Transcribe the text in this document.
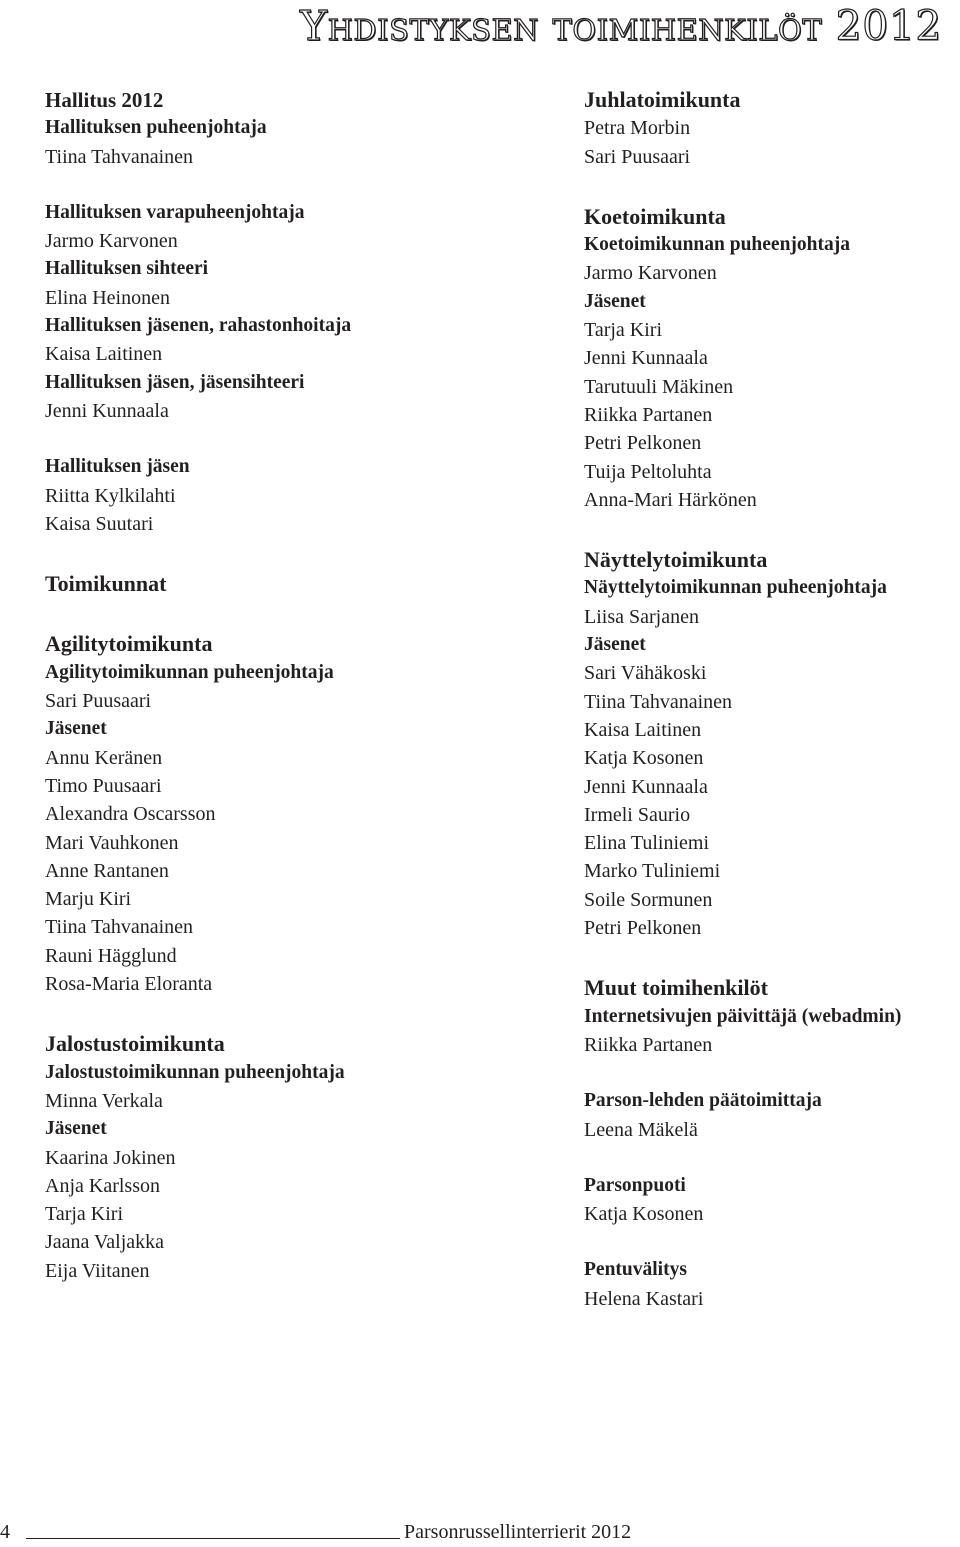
Yhdistyksen toimihenkilöt 2012
Hallitus 2012
Hallituksen puheenjohtaja
Tiina Tahvanainen
Hallituksen varapuheenjohtaja
Jarmo Karvonen
Hallituksen sihteeri
Elina Heinonen
Hallituksen jäsenen, rahastonhoitaja
Kaisa Laitinen
Hallituksen jäsen, jäsensihteeri
Jenni Kunnaala
Hallituksen jäsen
Riitta Kylkilahti
Kaisa Suutari
Toimikunnat
Agilitytoimikunta
Agilitytoimikunnan puheenjohtaja
Sari Puusaari
Jäsenet
Annu Keränen
Timo Puusaari
Alexandra Oscarsson
Mari Vauhkonen
Anne Rantanen
Marju Kiri
Tiina Tahvanainen
Rauni Hägglund
Rosa-Maria Eloranta
Jalostustoimikunta
Jalostustoimikunnan puheenjohtaja
Minna Verkala
Jäsenet
Kaarina Jokinen
Anja Karlsson
Tarja Kiri
Jaana Valjakka
Eija Viitanen
Juhlatoimikunta
Petra Morbin
Sari Puusaari
Koetoimikunta
Koetoimikunnan puheenjohtaja
Jarmo Karvonen
Jäsenet
Tarja Kiri
Jenni Kunnaala
Tarutuuli Mäkinen
Riikka Partanen
Petri Pelkonen
Tuija Peltoluhta
Anna-Mari Härkönen
Näyttelytoimikunta
Näyttelytoimikunnan puheenjohtaja
Liisa Sarjanen
Jäsenet
Sari Vähäkoski
Tiina Tahvanainen
Kaisa Laitinen
Katja Kosonen
Jenni Kunnaala
Irmeli Saurio
Elina Tuliniemi
Marko Tuliniemi
Soile Sormunen
Petri Pelkonen
Muut toimihenkilöt
Internetsivujen päivittäjä (webadmin)
Riikka Partanen
Parson-lehden päätoimittaja
Leena Mäkelä
Parsonpuoti
Katja Kosonen
Pentuvälitys
Helena Kastari
4	Parsonrussellinterrierit 2012
